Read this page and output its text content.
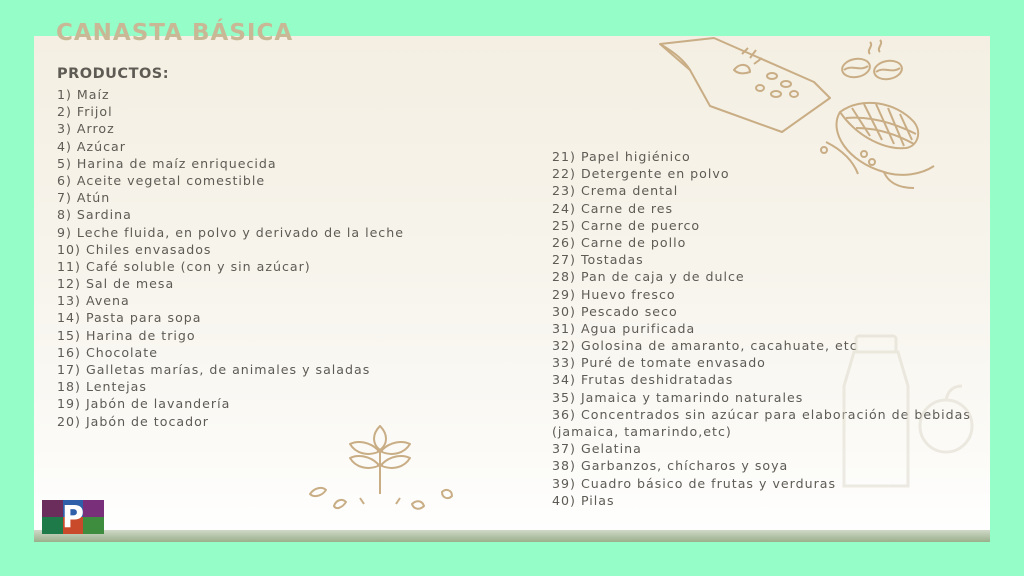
CANASTA BÁSICA
PRODUCTOS:
1) Maíz
2) Frijol
3) Arroz
4) Azúcar
5) Harina de maíz enriquecida
6) Aceite vegetal comestible
7) Atún
8) Sardina
9) Leche fluida, en polvo y derivado de la leche
10) Chiles envasados
11) Café soluble (con y sin azúcar)
12) Sal de mesa
13) Avena
14) Pasta para sopa
15) Harina de trigo
16) Chocolate
17) Galletas marías, de animales y saladas
18) Lentejas
19) Jabón de lavandería
20) Jabón de tocador
21) Papel higiénico
22) Detergente en polvo
23) Crema dental
24) Carne de res
25) Carne de puerco
26) Carne de pollo
27) Tostadas
28) Pan de caja y de dulce
29) Huevo fresco
30) Pescado seco
31) Agua purificada
32) Golosina de amaranto, cacahuate, etc
33) Puré de tomate envasado
34) Frutas deshidratadas
35) Jamaica y tamarindo naturales
36) Concentrados sin azúcar para elaboración de bebidas (jamaica, tamarindo,etc)
37) Gelatina
38) Garbanzos, chícharos y soya
39) Cuadro básico de frutas y verduras
40) Pilas
P
